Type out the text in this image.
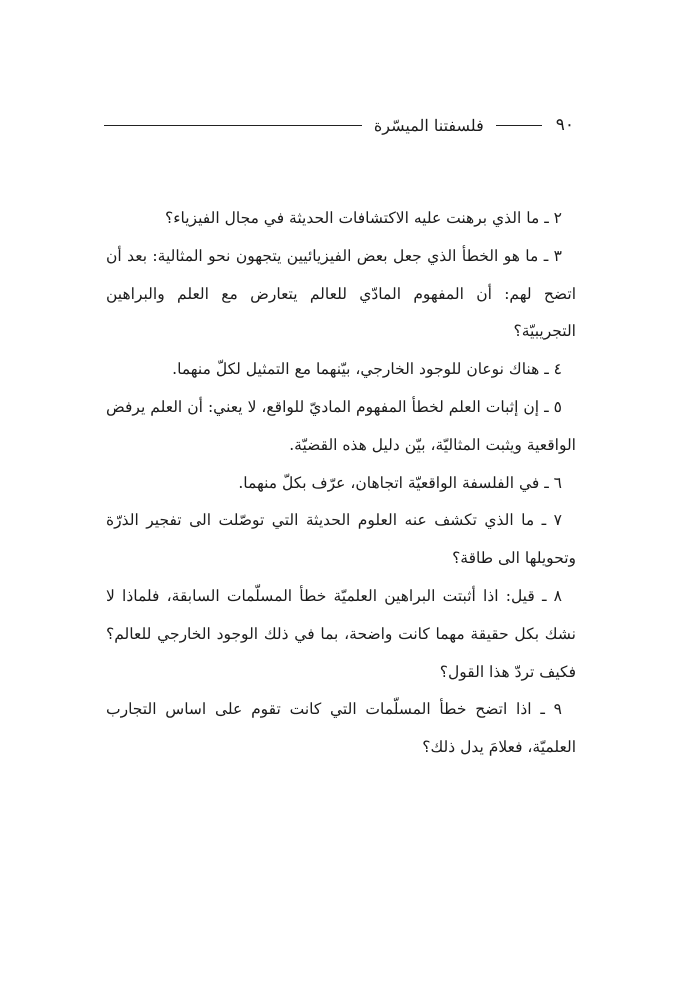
٩٠
فلسفتنا الميسّرة

٢ ـ ما الذي برهنت عليه الاكتشافات الحديثة في مجال الفيزياء؟

٣ ـ ما هو الخطأ الذي جعل بعض الفيزيائيين يتجهون نحو المثالية: بعد أن اتضح لهم: أن المفهوم المادّي للعالم يتعارض مع العلم والبراهين التجريبيّة؟

٤ ـ هناك نوعان للوجود الخارجي، بيّنهما مع التمثيل لكلّ منهما.

٥ ـ إن إثبات العلم لخطأ المفهوم الماديّ للواقع، لا يعني: أن العلم يرفض الواقعية ويثبت المثاليّة، بيّن دليل هذه القضيّة.

٦ ـ في الفلسفة الواقعيّة اتجاهان، عرّف بكلّ منهما.

٧ ـ ما الذي تكشف عنه العلوم الحديثة التي توصّلت الى تفجير الذرّة وتحويلها الى طاقة؟

٨ ـ قيل: اذا أثبتت البراهين العلميّة خطأ المسلّمات السابقة، فلماذا لا نشك بكل حقيقة مهما كانت واضحة، بما في ذلك الوجود الخارجي للعالم؟ فكيف تردّ هذا القول؟

٩ ـ اذا اتضح خطأ المسلّمات التي كانت تقوم على اساس التجارب العلميّة، فعلامَ يدل ذلك؟
